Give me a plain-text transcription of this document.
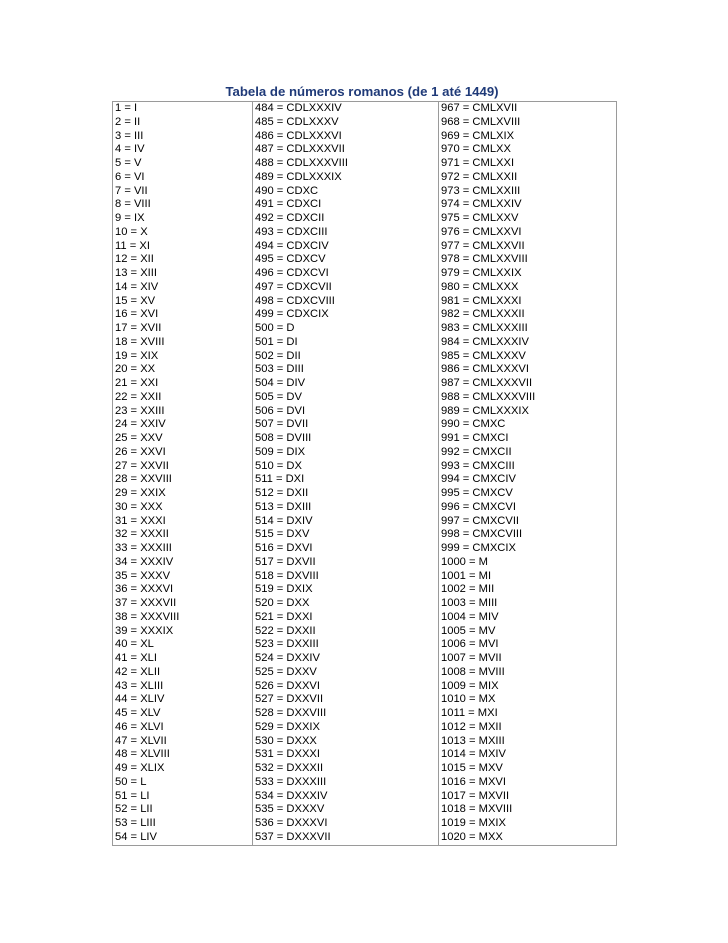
Tabela de números romanos (de 1 até 1449)
1 = I	484 = CDLXXXIV	967 = CMLXVII
2 = II	485 = CDLXXXV	968 = CMLXVIII
3 = III	486 = CDLXXXVI	969 = CMLXIX
4 = IV	487 = CDLXXXVII	970 = CMLXX
5 = V	488 = CDLXXXVIII	971 = CMLXXI
6 = VI	489 = CDLXXXIX	972 = CMLXXII
7 = VII	490 = CDXC	973 = CMLXXIII
8 = VIII	491 = CDXCI	974 = CMLXXIV
9 = IX	492 = CDXCII	975 = CMLXXV
10 = X	493 = CDXCIII	976 = CMLXXVI
11 = XI	494 = CDXCIV	977 = CMLXXVII
12 = XII	495 = CDXCV	978 = CMLXXVIII
13 = XIII	496 = CDXCVI	979 = CMLXXIX
14 = XIV	497 = CDXCVII	980 = CMLXXX
15 = XV	498 = CDXCVIII	981 = CMLXXXI
16 = XVI	499 = CDXCIX	982 = CMLXXXII
17 = XVII	500 = D	983 = CMLXXXIII
18 = XVIII	501 = DI	984 = CMLXXXIV
19 = XIX	502 = DII	985 = CMLXXXV
20 = XX	503 = DIII	986 = CMLXXXVI
21 = XXI	504 = DIV	987 = CMLXXXVII
22 = XXII	505 = DV	988 = CMLXXXVIII
23 = XXIII	506 = DVI	989 = CMLXXXIX
24 = XXIV	507 = DVII	990 = CMXC
25 = XXV	508 = DVIII	991 = CMXCI
26 = XXVI	509 = DIX	992 = CMXCII
27 = XXVII	510 = DX	993 = CMXCIII
28 = XXVIII	511 = DXI	994 = CMXCIV
29 = XXIX	512 = DXII	995 = CMXCV
30 = XXX	513 = DXIII	996 = CMXCVI
31 = XXXI	514 = DXIV	997 = CMXCVII
32 = XXXII	515 = DXV	998 = CMXCVIII
33 = XXXIII	516 = DXVI	999 = CMXCIX
34 = XXXIV	517 = DXVII	1000 = M
35 = XXXV	518 = DXVIII	1001 = MI
36 = XXXVI	519 = DXIX	1002 = MII
37 = XXXVII	520 = DXX	1003 = MIII
38 = XXXVIII	521 = DXXI	1004 = MIV
39 = XXXIX	522 = DXXII	1005 = MV
40 = XL	523 = DXXIII	1006 = MVI
41 = XLI	524 = DXXIV	1007 = MVII
42 = XLII	525 = DXXV	1008 = MVIII
43 = XLIII	526 = DXXVI	1009 = MIX
44 = XLIV	527 = DXXVII	1010 = MX
45 = XLV	528 = DXXVIII	1011 = MXI
46 = XLVI	529 = DXXIX	1012 = MXII
47 = XLVII	530 = DXXX	1013 = MXIII
48 = XLVIII	531 = DXXXI	1014 = MXIV
49 = XLIX	532 = DXXXII	1015 = MXV
50 = L	533 = DXXXIII	1016 = MXVI
51 = LI	534 = DXXXIV	1017 = MXVII
52 = LII	535 = DXXXV	1018 = MXVIII
53 = LIII	536 = DXXXVI	1019 = MXIX
54 = LIV	537 = DXXXVII	1020 = MXX
